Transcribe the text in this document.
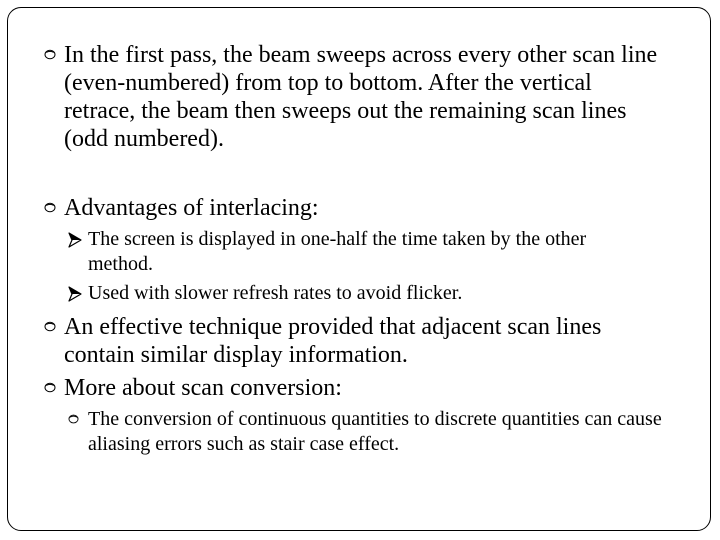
In the first pass, the beam sweeps across every other scan line (even-numbered) from top to bottom. After the vertical retrace, the beam then sweeps out the remaining scan lines (odd numbered).
Advantages of interlacing:
The screen is displayed in one-half the time taken by the other method.
Used with slower refresh rates to avoid flicker.
An effective technique provided that adjacent scan lines contain similar display information.
More about scan conversion:
The conversion of continuous quantities to discrete quantities can cause aliasing errors such as stair case effect.
